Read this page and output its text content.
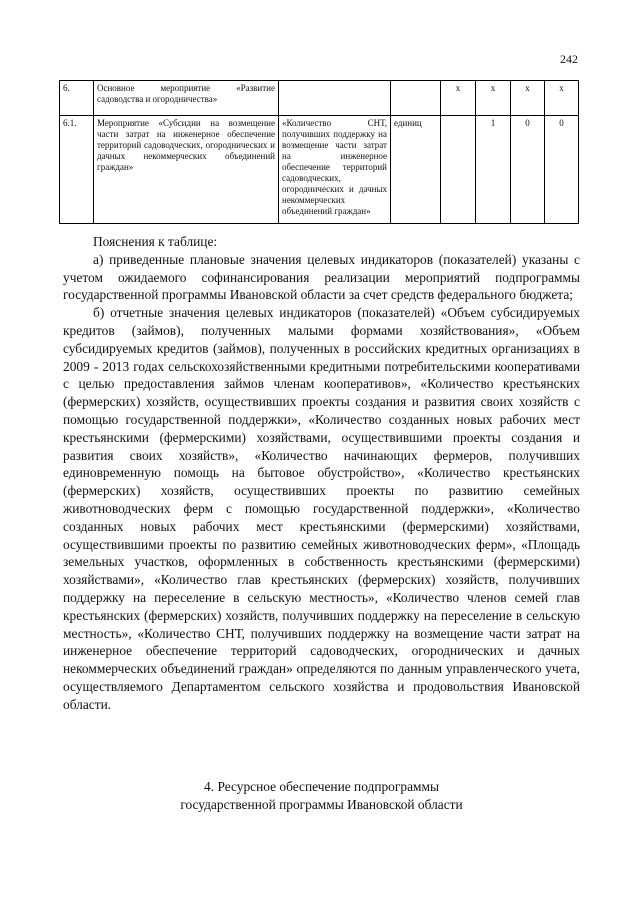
242
6.	Основное мероприятие «Развитие садоводства и огородничества»			x	x	x	x
6.1.	Мероприятие «Субсидии на возмещение части затрат на инженерное обеспечение территорий садоводческих, огороднических и дачных некоммерческих объединений граждан»	«Количество СНТ, получивших поддержку на возмещение части затрат на инженерное обеспечение территорий садоводческих, огороднических и дачных некоммерческих объединений граждан»	единиц		1	0	0

Пояснения к таблице:

а) приведенные плановые значения целевых индикаторов (показателей) указаны с учетом ожидаемого софинансирования реализации мероприятий подпрограммы государственной программы Ивановской области за счет средств федерального бюджета;

б) отчетные значения целевых индикаторов (показателей) «Объем субсидируемых кредитов (займов), полученных малыми формами хозяйствования», «Объем субсидируемых кредитов (займов), полученных в российских кредитных организациях в 2009 - 2013 годах сельскохозяйственными кредитными потребительскими кооперативами с целью предоставления займов членам кооперативов», «Количество крестьянских (фермерских) хозяйств, осуществивших проекты создания и развития своих хозяйств с помощью государственной поддержки», «Количество созданных новых рабочих мест крестьянскими (фермерскими) хозяйствами, осуществившими проекты создания и развития своих хозяйств», «Количество начинающих фермеров, получивших единовременную помощь на бытовое обустройство», «Количество крестьянских (фермерских) хозяйств, осуществивших проекты по развитию семейных животноводческих ферм с помощью государственной поддержки», «Количество созданных новых рабочих мест крестьянскими (фермерскими) хозяйствами, осуществившими проекты по развитию семейных животноводческих ферм», «Площадь земельных участков, оформленных в собственность крестьянскими (фермерскими) хозяйствами», «Количество глав крестьянских (фермерских) хозяйств, получивших поддержку на переселение в сельскую местность», «Количество членов семей глав крестьянских (фермерских) хозяйств, получивших поддержку на переселение в сельскую местность», «Количество СНТ, получивших поддержку на возмещение части затрат на инженерное обеспечение территорий садоводческих, огороднических и дачных некоммерческих объединений граждан» определяются по данным управленческого учета, осуществляемого Департаментом сельского хозяйства и продовольствия Ивановской области.

4. Ресурсное обеспечение подпрограммы
государственной программы Ивановской области
